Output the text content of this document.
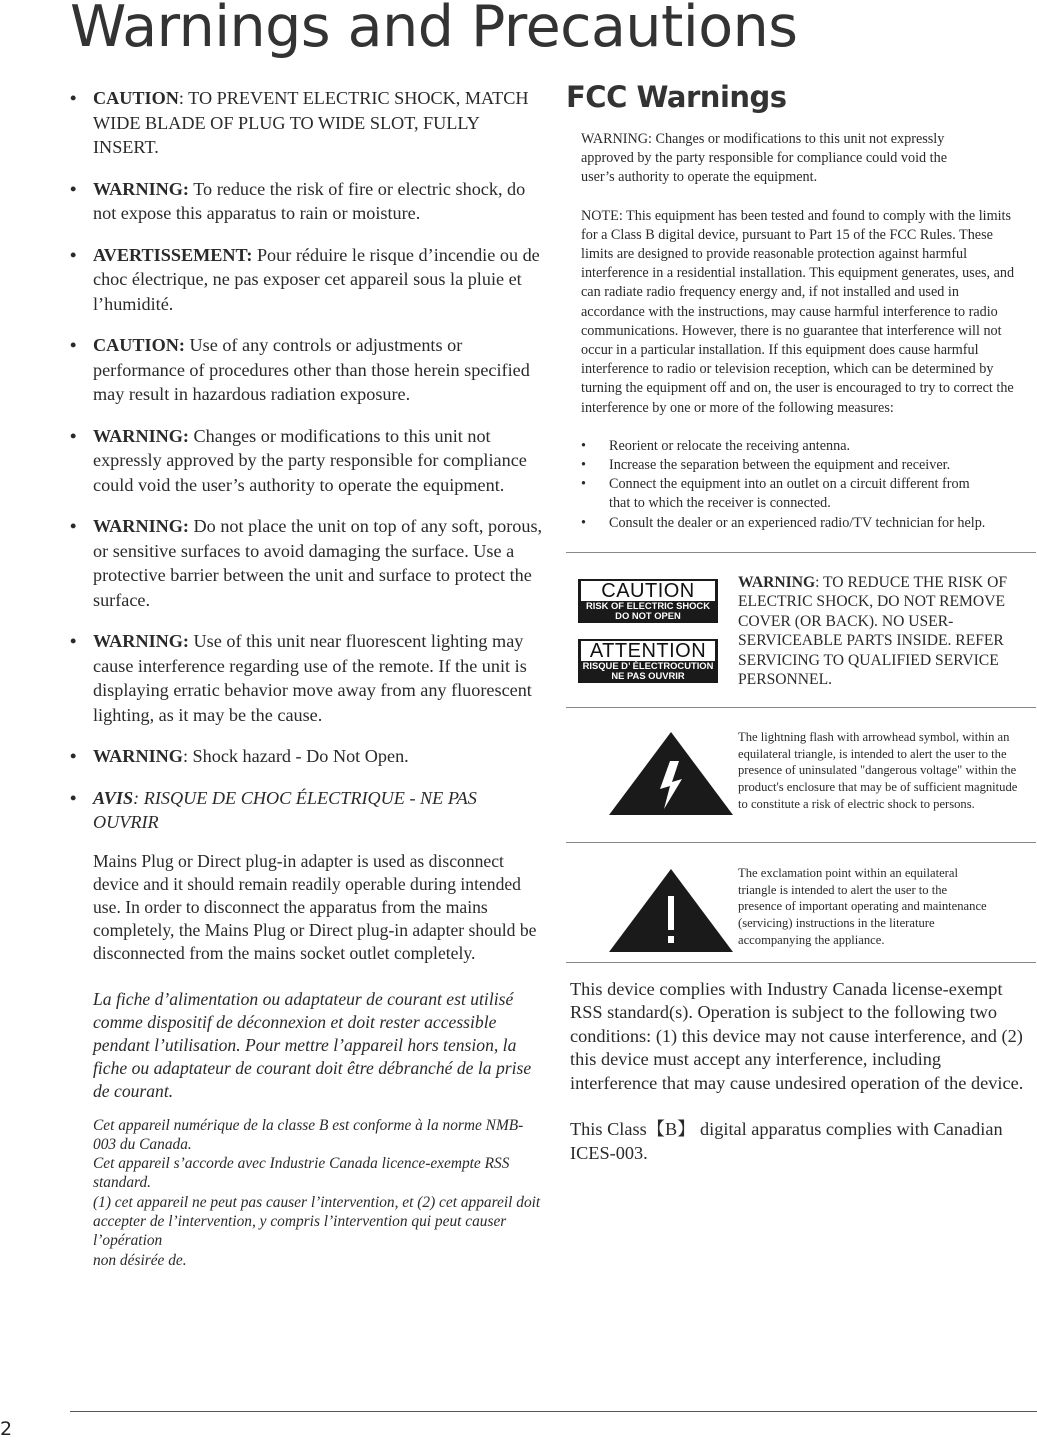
Warnings and Precautions
• CAUTION: TO PREVENT ELECTRIC SHOCK, MATCH WIDE BLADE OF PLUG TO WIDE SLOT, FULLY INSERT.
• WARNING: To reduce the risk of fire or electric shock, do not expose this apparatus to rain or moisture.
• AVERTISSEMENT: Pour réduire le risque d’incendie ou de choc électrique, ne pas exposer cet appareil sous la pluie et l’humidité.
• CAUTION: Use of any controls or adjustments or performance of procedures other than those herein specified may result in hazardous radiation exposure.
• WARNING: Changes or modifications to this unit not expressly approved by the party responsible for compliance could void the user’s authority to operate the equipment.
• WARNING: Do not place the unit on top of any soft, porous, or sensitive surfaces to avoid damaging the surface. Use a protective barrier between the unit and surface to protect the surface.
• WARNING: Use of this unit near fluorescent lighting may cause interference regarding use of the remote. If the unit is displaying erratic behavior move away from any fluorescent lighting, as it may be the cause.
• WARNING: Shock hazard - Do Not Open.
• AVIS: RISQUE DE CHOC ÉLECTRIQUE - NE PAS OUVRIR
Mains Plug or Direct plug-in adapter is used as disconnect device and it should remain readily operable during intended use. In order to disconnect the apparatus from the mains completely, the Mains Plug or Direct plug-in adapter should be disconnected from the mains socket outlet completely.
La fiche d’alimentation ou adaptateur de courant est utilisé comme dispositif de déconnexion et doit rester accessible pendant l’utilisation. Pour mettre l’appareil hors tension, la fiche ou adaptateur de courant doit être débranché de la prise de courant.
Cet appareil numérique de la classe B est conforme à la norme NMB-003 du Canada.
Cet appareil s’accorde avec Industrie Canada licence-exempte RSS standard.
(1) cet appareil ne peut pas causer l’intervention, et (2) cet appareil doit
accepter de l’intervention, y compris l’intervention qui peut causer l’opération
non désirée de.
FCC Warnings

WARNING: Changes or modifications to this unit not expressly approved by the party responsible for compliance could void the user’s authority to operate the equipment.

NOTE: This equipment has been tested and found to comply with the limits for a Class B digital device, pursuant to Part 15 of the FCC Rules. These limits are designed to provide reasonable protection against harmful interference in a residential installation. This equipment generates, uses, and can radiate radio frequency energy and, if not installed and used in accordance with the instructions, may cause harmful interference to radio communications. However, there is no guarantee that interference will not occur in a particular installation. If this equipment does cause harmful interference to radio or television reception, which can be determined by turning the equipment off and on, the user is encouraged to try to correct the interference by one or more of the following measures:

• Reorient or relocate the receiving antenna.
• Increase the separation between the equipment and receiver.
• Connect the equipment into an outlet on a circuit different from that to which the receiver is connected.
• Consult the dealer or an experienced radio/TV technician for help.
CAUTION
RISK OF ELECTRIC SHOCK
DO NOT OPEN
ATTENTION
RISQUE D’ ÉLECTROCUTION
NE PAS OUVRIR
WARNING: TO REDUCE THE RISK OF ELECTRIC SHOCK, DO NOT REMOVE COVER (OR BACK). NO USER-SERVICEABLE PARTS INSIDE. REFER SERVICING TO QUALIFIED SERVICE PERSONNEL.
The lightning flash with arrowhead symbol, within an equilateral triangle, is intended to alert the user to the presence of uninsulated "dangerous voltage" within the product's enclosure that may be of sufficient magnitude to constitute a risk of electric shock to persons.
The exclamation point within an equilateral triangle is intended to alert the user to the presence of important operating and maintenance (servicing) instructions in the literature accompanying the appliance.

This device complies with Industry Canada license-exempt RSS standard(s). Operation is subject to the following two conditions: (1) this device may not cause interference, and (2) this device must accept any interference, including interference that may cause undesired operation of the device.

This Class【B】 digital apparatus complies with Canadian ICES-003.

2
